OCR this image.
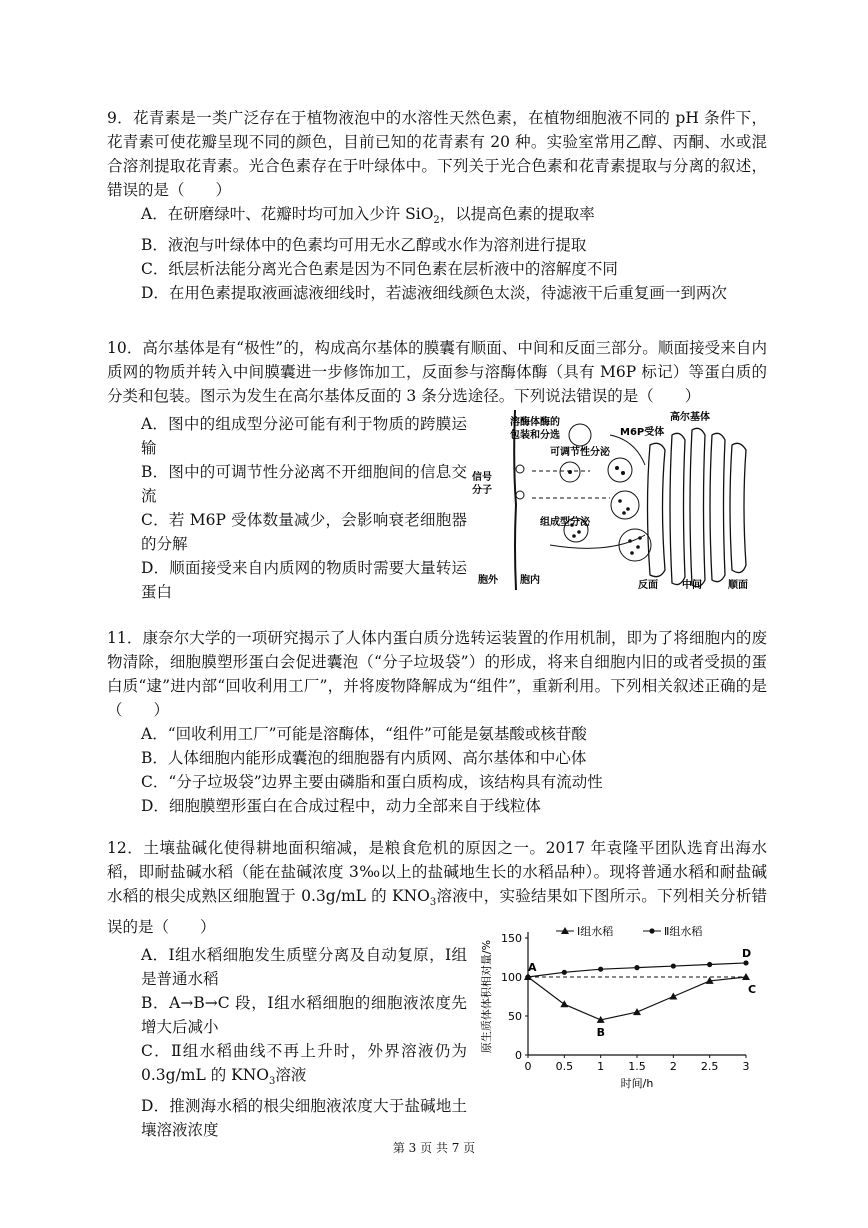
9．花青素是一类广泛存在于植物液泡中的水溶性天然色素，在植物细胞液不同的 pH 条件下，花青素可使花瓣呈现不同的颜色，目前已知的花青素有 20 种。实验室常用乙醇、丙酮、水或混合溶剂提取花青素。光合色素存在于叶绿体中。下列关于光合色素和花青素提取与分离的叙述，错误的是（　　）

A．在研磨绿叶、花瓣时均可加入少许 SiO$_2$，以提高色素的提取率

B．液泡与叶绿体中的色素均可用无水乙醇或水作为溶剂进行提取

C．纸层析法能分离光合色素是因为不同色素在层析液中的溶解度不同

D．在用色素提取液画滤液细线时，若滤液细线颜色太淡，待滤液干后重复画一到两次

10．高尔基体是有“极性”的，构成高尔基体的膜囊有顺面、中间和反面三部分。顺面接受来自内质网的物质并转入中间膜囊进一步修饰加工，反面参与溶酶体酶（具有 M6P 标记）等蛋白质的分类和包装。图示为发生在高尔基体反面的 3 条分选途径。下列说法错误的是（　　）

A．图中的组成型分泌可能有利于物质的跨膜运输

B．图中的可调节性分泌离不开细胞间的信息交流

C．若 M6P 受体数量减少，会影响衰老细胞器的分解

D．顺面接受来自内质网的物质时需要大量转运蛋白

溶酶体酶的
包装和分选
高尔基体
M6P受体
可调节性分泌
信号
分子
组成型分泌
胞外 胞内	反面 中间	顺面

11．康奈尔大学的一项研究揭示了人体内蛋白质分选转运装置的作用机制，即为了将细胞内的废物清除，细胞膜塑形蛋白会促进囊泡（“分子垃圾袋”）的形成，将来自细胞内旧的或者受损的蛋白质“逮”进内部“回收利用工厂”，并将废物降解成为“组件”，重新利用。下列相关叙述正确的是（　　）

A．“回收利用工厂”可能是溶酶体，“组件”可能是氨基酸或核苷酸

B．人体细胞内能形成囊泡的细胞器有内质网、高尔基体和中心体

C．“分子垃圾袋”边界主要由磷脂和蛋白质构成，该结构具有流动性

D．细胞膜塑形蛋白在合成过程中，动力全部来自于线粒体

12．土壤盐碱化使得耕地面积缩减，是粮食危机的原因之一。2017 年袁隆平团队选育出海水稻，即耐盐碱水稻（能在盐碱浓度 3‰以上的盐碱地生长的水稻品种）。现将普通水稻和耐盐碱水稻的根尖成熟区细胞置于 0.3g/mL 的 $KNO_3$溶液中，实验结果如下图所示。下列相关分析错误的是（　　）

A．Ⅰ组水稻细胞发生质壁分离及自动复原，Ⅰ组是普通水稻

B．A→B→C 段，Ⅰ组水稻细胞的细胞液浓度先增大后减小

C．Ⅱ组水稻曲线不再上升时，外界溶液仍为 0.3g/mL 的 $KNO_3$溶液

D．推测海水稻的根尖细胞液浓度大于盐碱地土壤溶液浓度

0
50
100
150
0 0.5 1 1.5 2 2.5 3
Ⅰ组水稻	Ⅱ组水稻
A
B
C
D
时间/h
原生质体体积相对量/%
第 3 页 共 7 页
